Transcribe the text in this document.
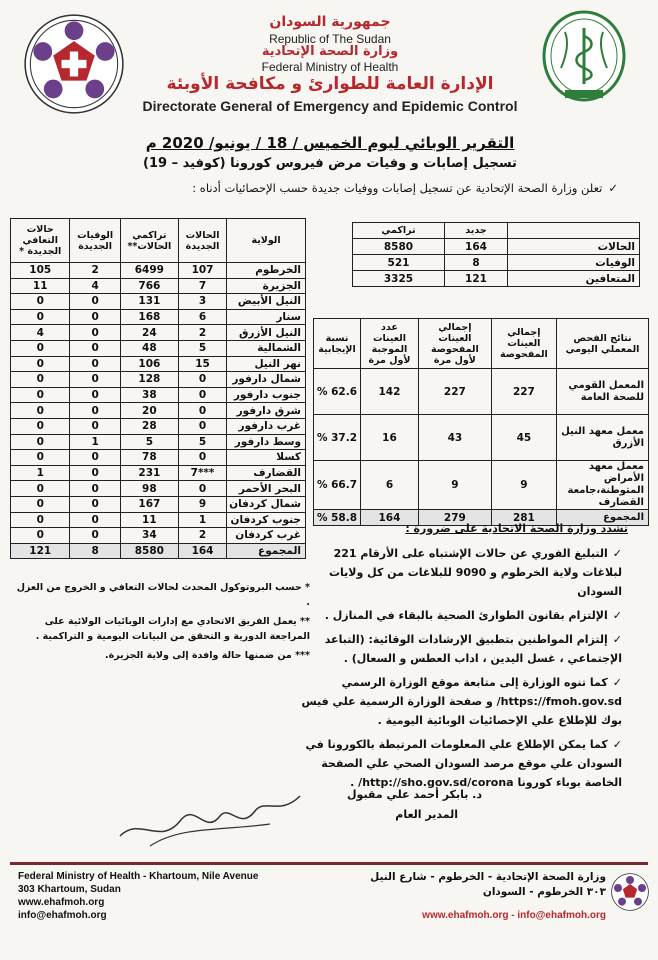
جمهورية السودان
Republic of The Sudan
وزارة الصحة الإتحادية
Federal Ministry of Health
الإدارة العامة للطوارئ و مكافحة الأوبئة
Directorate General of Emergency and Epidemic Control
التقرير الوبائي ليوم الخميس / 18 / يونيو/ 2020 م
تسجيل إصابات و وفيات مرض فيروس كورونا (كوفيد – 19)
✓تعلن وزارة الصحة الإتحادية عن تسجيل إصابات ووفيات جديدة حسب الإحصائيات أدناه :
الولاية	الحالات الجديدة	تراكمي الحالات**	الوفيات الجديدة	حالات التعافي الجديدة *
الخرطوم	107	6499	2	105
الجزيرة	7	766	4	11
النيل الأبيض	3	131	0	0
سنار	6	168	0	0
النيل الأزرق	2	24	0	4
الشمالية	5	48	0	0
نهر النيل	15	106	0	0
شمال دارفور	0	128	0	0
جنوب دارفور	0	38	0	0
شرق دارفور	0	20	0	0
غرب دارفور	0	28	0	0
وسط دارفور	5	5	1	0
كسلا	0	78	0	0
القضارف	***7	231	0	1
البحر الأحمر	0	98	0	0
شمال كردفان	9	167	0	0
جنوب كردفان	1	11	0	0
غرب كردفان	2	34	0	0
المجموع	164	8580	8	121
	جديد	تراكمي
الحالات	164	8580
الوفيات	8	521
المتعافين	121	3325
نتائج الفحص المعملي اليومي	إجمالي العينات المفحوصة	إجمالي العينات المفحوصة لأول مرة	عدد العينات الموجبة لأول مرة	نسبة الإيجابية
المعمل القومي للصحة العامة	227	227	142	62.6 %
معمل معهد النيل الأزرق	45	43	16	37.2 %
معمل معهد الأمراض المتوطنة،جامعة القضارف	9	9	6	66.7 %
المجموع	281	279	164	58.8 %
تشدد وزارة الصحة الاتحادية على ضرورة :
✓التبليغ الفوري عن حالات الإشتباه على الأرقام 221 لبلاغات ولاية الخرطوم و 9090 للبلاغات من كل ولايات السودان
✓الإلتزام بقانون الطوارئ الصحية بالبقاء في المنازل .
✓إلتزام المواطنين بتطبيق الإرشادات الوقائية: (التباعد الإجتماعي ، غسل اليدين ، اداب العطس و السعال) .
✓كما تنوه الوزارة إلى متابعة موقع الوزارة الرسمي https://fmoh.gov.sd/ و صفحة الوزارة الرسمية علي فيس بوك للإطلاع علي الإحصائيات الوبائية اليومية .
✓كما يمكن الإطلاع علي المعلومات المرتبطة بالكورونا في السودان علي موقع مرصد السودان الصحي علي الصفحة الخاصة بوباء كورونا http://sho.gov.sd/corona/ .
* حسب البروتوكول المحدث لحالات التعافي و الخروج من العزل .
** يعمل الفريق الاتحادي مع إدارات الوبائيات الولائية على المراجعة الدورية و التحقق من البيانات اليومية و التراكمية .
*** من ضمنها حالة وافدة إلى ولاية الجزيرة.
د. بابكر أحمد علي مقبول
المدير العام
Federal Ministry of Health - Khartoum, Nile Avenue
303 Khartoum, Sudan
www.ehafmoh.org
info@ehafmoh.org
وزارة الصحة الإتحادية - الخرطوم - شارع النيل
٣٠٣ الخرطوم - السودان
www.ehafmoh.org - info@ehafmoh.org
